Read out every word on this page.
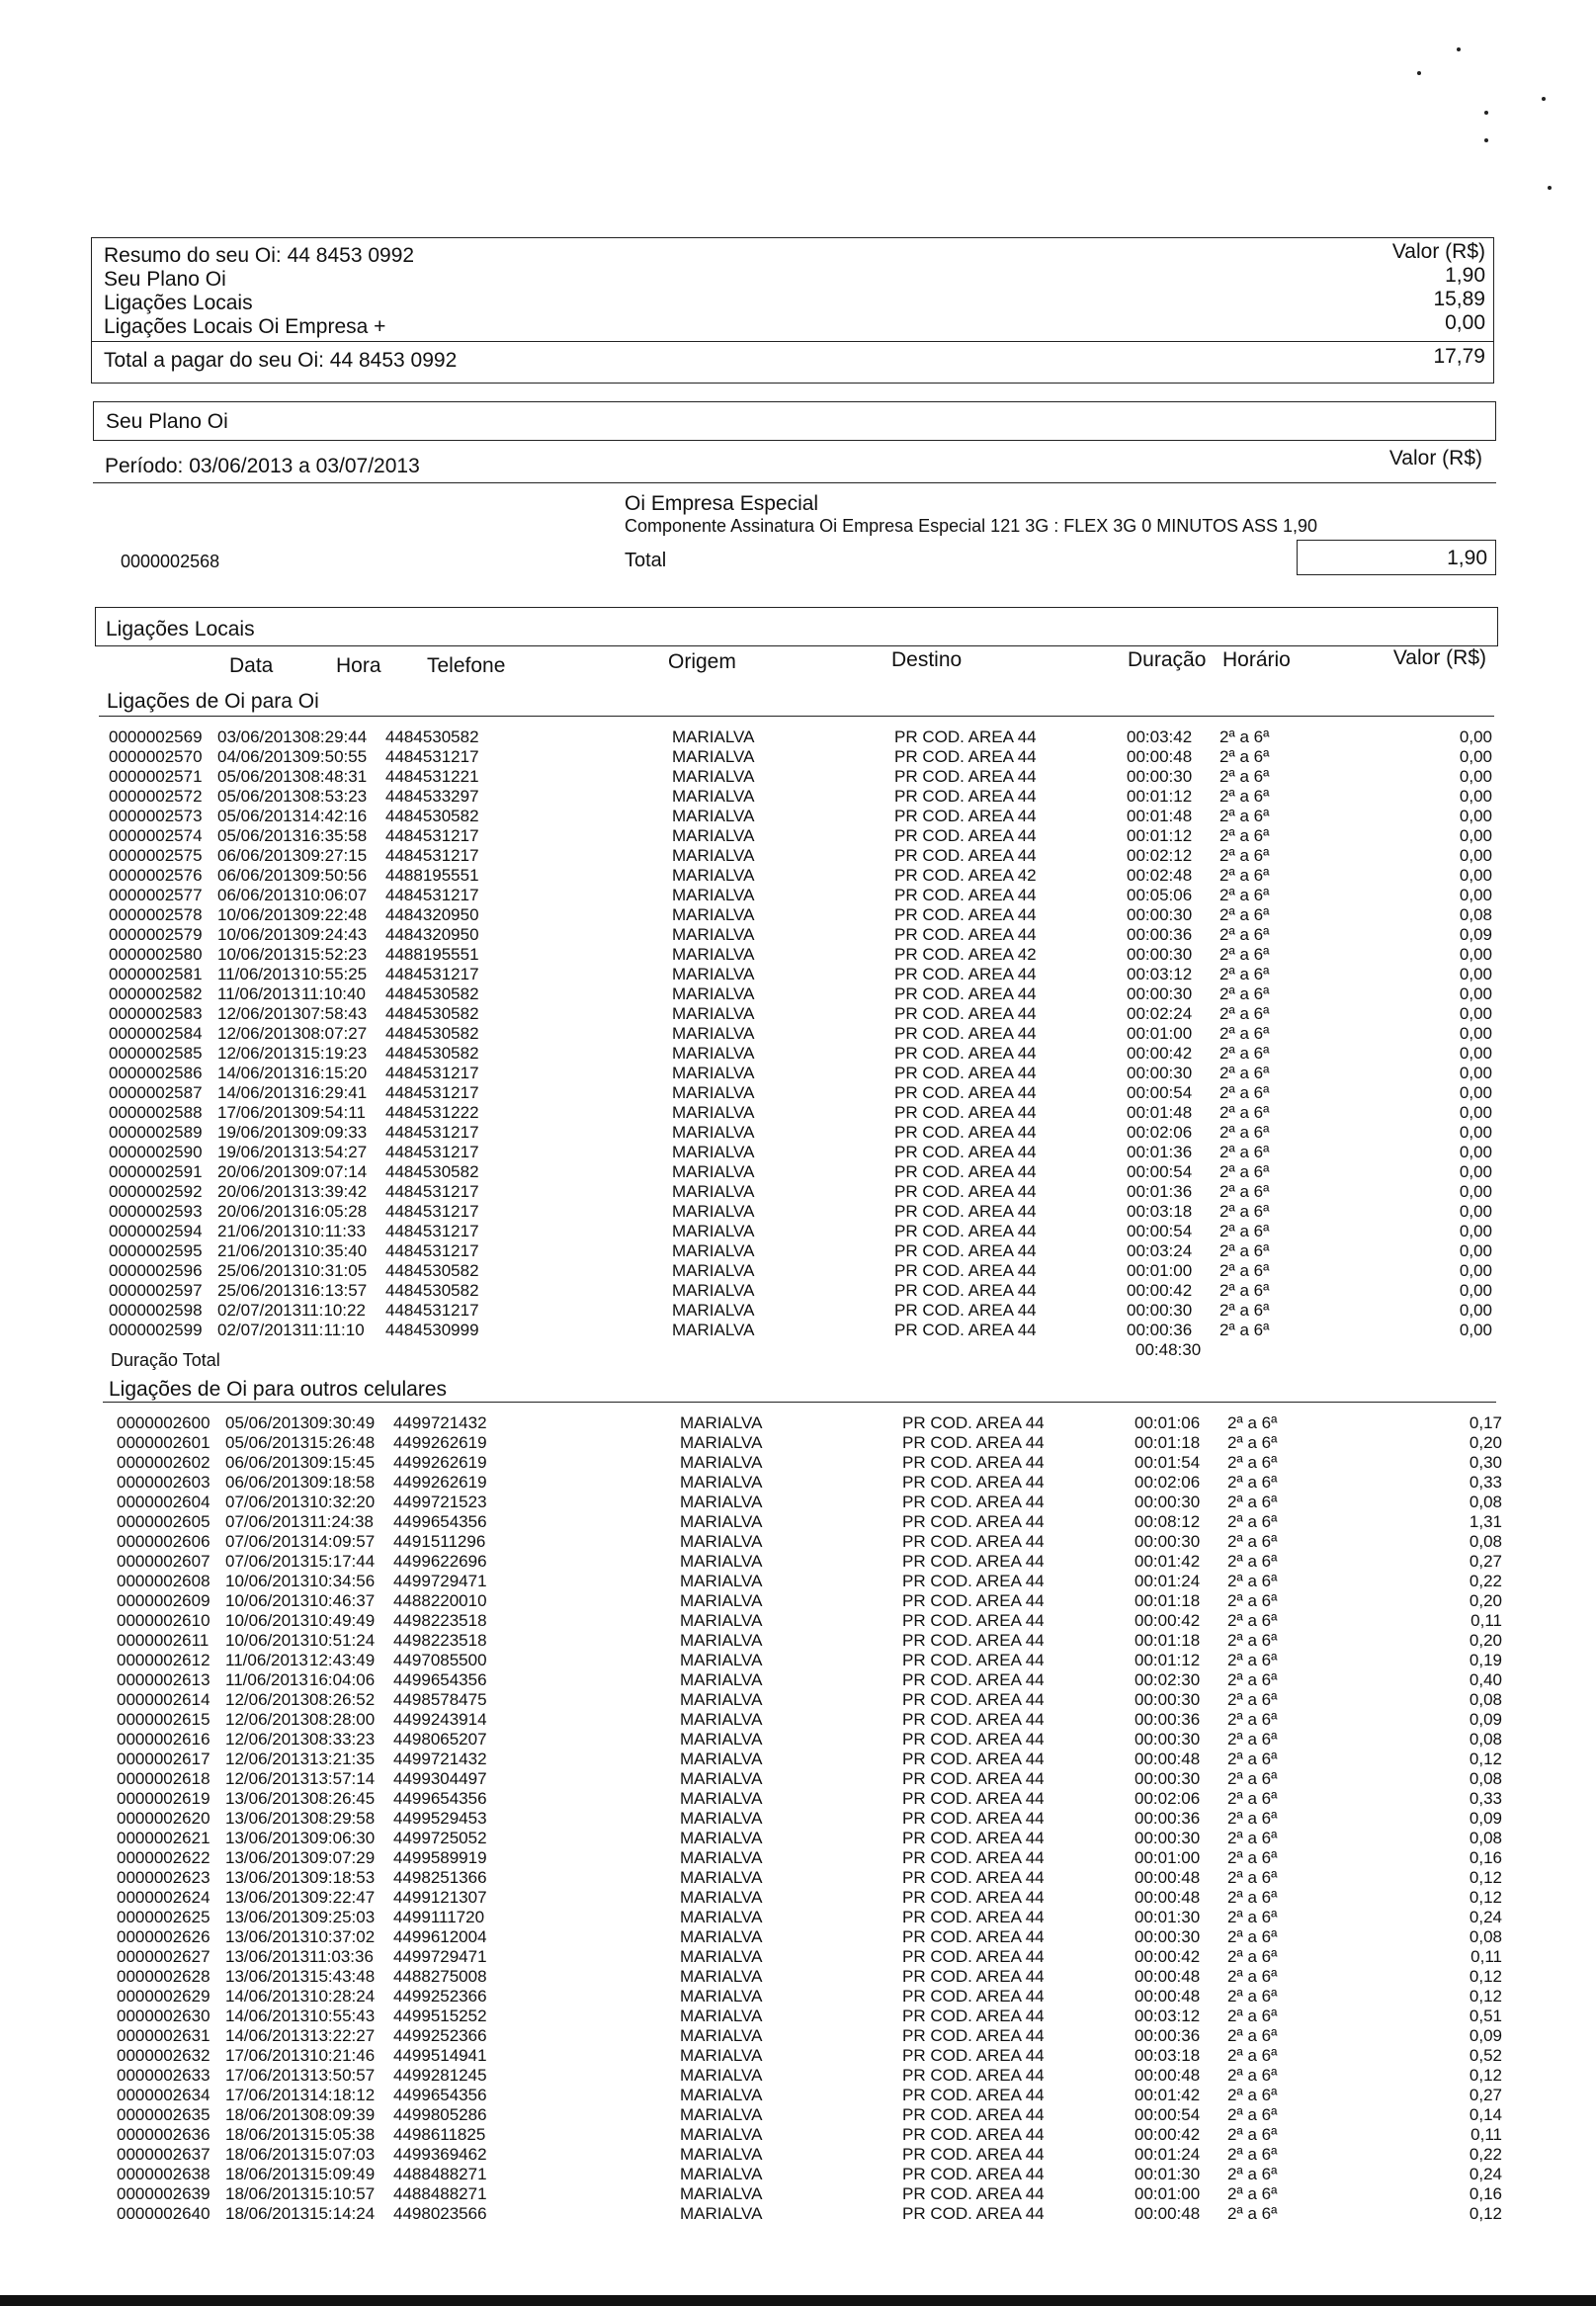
Resumo do seu Oi: 44 8453 0992	Valor (R$)
Seu Plano Oi	1,90
Ligações Locais	15,89
Ligações Locais Oi Empresa +	0,00
Total a pagar do seu Oi: 44 8453 0992	17,79
Seu Plano Oi
Período: 03/06/2013 a 03/07/2013	Valor (R$)
Oi Empresa Especial
Componente Assinatura Oi Empresa Especial 121 3G : FLEX 3G 0 MINUTOS ASS 1,90
0000002568	Total	1,90
Ligações Locais
Data	Hora Telefone	Origem	Destino	Duração Horário	Valor (R$)
Ligações de Oi para Oi
0000002569 03/06/2013 08:29:44 4484530582	MARIALVA	PR COD. AREA 44	00:03:42 2ª a 6ª	0,00
0000002570 04/06/2013 09:50:55 4484531217	MARIALVA	PR COD. AREA 44	00:00:48 2ª a 6ª	0,00
0000002571 05/06/2013 08:48:31 4484531221	MARIALVA	PR COD. AREA 44	00:00:30 2ª a 6ª	0,00
0000002572 05/06/2013 08:53:23 4484533297	MARIALVA	PR COD. AREA 44	00:01:12 2ª a 6ª	0,00
0000002573 05/06/2013 14:42:16 4484530582	MARIALVA	PR COD. AREA 44	00:01:48 2ª a 6ª	0,00
0000002574 05/06/2013 16:35:58 4484531217	MARIALVA	PR COD. AREA 44	00:01:12 2ª a 6ª	0,00
0000002575 06/06/2013 09:27:15 4484531217	MARIALVA	PR COD. AREA 44	00:02:12 2ª a 6ª	0,00
0000002576 06/06/2013 09:50:56 4488195551	MARIALVA	PR COD. AREA 42	00:02:48 2ª a 6ª	0,00
0000002577 06/06/2013 10:06:07 4484531217	MARIALVA	PR COD. AREA 44	00:05:06 2ª a 6ª	0,00
0000002578 10/06/2013 09:22:48 4484320950	MARIALVA	PR COD. AREA 44	00:00:30 2ª a 6ª	0,08
0000002579 10/06/2013 09:24:43 4484320950	MARIALVA	PR COD. AREA 44	00:00:36 2ª a 6ª	0,09
0000002580 10/06/2013 15:52:23 4488195551	MARIALVA	PR COD. AREA 42	00:00:30 2ª a 6ª	0,00
0000002581 11/06/2013 10:55:25 4484531217	MARIALVA	PR COD. AREA 44	00:03:12 2ª a 6ª	0,00
0000002582 11/06/2013 11:10:40 4484530582	MARIALVA	PR COD. AREA 44	00:00:30 2ª a 6ª	0,00
0000002583 12/06/2013 07:58:43 4484530582	MARIALVA	PR COD. AREA 44	00:02:24 2ª a 6ª	0,00
0000002584 12/06/2013 08:07:27 4484530582	MARIALVA	PR COD. AREA 44	00:01:00 2ª a 6ª	0,00
0000002585 12/06/2013 15:19:23 4484530582	MARIALVA	PR COD. AREA 44	00:00:42 2ª a 6ª	0,00
0000002586 14/06/2013 16:15:20 4484531217	MARIALVA	PR COD. AREA 44	00:00:30 2ª a 6ª	0,00
0000002587 14/06/2013 16:29:41 4484531217	MARIALVA	PR COD. AREA 44	00:00:54 2ª a 6ª	0,00
0000002588 17/06/2013 09:54:11 4484531222	MARIALVA	PR COD. AREA 44	00:01:48 2ª a 6ª	0,00
0000002589 19/06/2013 09:09:33 4484531217	MARIALVA	PR COD. AREA 44	00:02:06 2ª a 6ª	0,00
0000002590 19/06/2013 13:54:27 4484531217	MARIALVA	PR COD. AREA 44	00:01:36 2ª a 6ª	0,00
0000002591 20/06/2013 09:07:14 4484530582	MARIALVA	PR COD. AREA 44	00:00:54 2ª a 6ª	0,00
0000002592 20/06/2013 13:39:42 4484531217	MARIALVA	PR COD. AREA 44	00:01:36 2ª a 6ª	0,00
0000002593 20/06/2013 16:05:28 4484531217	MARIALVA	PR COD. AREA 44	00:03:18 2ª a 6ª	0,00
0000002594 21/06/2013 10:11:33 4484531217	MARIALVA	PR COD. AREA 44	00:00:54 2ª a 6ª	0,00
0000002595 21/06/2013 10:35:40 4484531217	MARIALVA	PR COD. AREA 44	00:03:24 2ª a 6ª	0,00
0000002596 25/06/2013 10:31:05 4484530582	MARIALVA	PR COD. AREA 44	00:01:00 2ª a 6ª	0,00
0000002597 25/06/2013 16:13:57 4484530582	MARIALVA	PR COD. AREA 44	00:00:42 2ª a 6ª	0,00
0000002598 02/07/2013 11:10:22 4484531217	MARIALVA	PR COD. AREA 44	00:00:30 2ª a 6ª	0,00
0000002599 02/07/2013 11:11:10 4484530999	MARIALVA	PR COD. AREA 44	00:00:36 2ª a 6ª	0,00
Duração Total
00:48:30
Ligações de Oi para outros celulares
0000002600 05/06/2013 09:30:49 4499721432	MARIALVA	PR COD. AREA 44	00:01:06 2ª a 6ª	0,17
0000002601 05/06/2013 15:26:48 4499262619	MARIALVA	PR COD. AREA 44	00:01:18 2ª a 6ª	0,20
0000002602 06/06/2013 09:15:45 4499262619	MARIALVA	PR COD. AREA 44	00:01:54 2ª a 6ª	0,30
0000002603 06/06/2013 09:18:58 4499262619	MARIALVA	PR COD. AREA 44	00:02:06 2ª a 6ª	0,33
0000002604 07/06/2013 10:32:20 4499721523	MARIALVA	PR COD. AREA 44	00:00:30 2ª a 6ª	0,08
0000002605 07/06/2013 11:24:38 4499654356	MARIALVA	PR COD. AREA 44	00:08:12 2ª a 6ª	1,31
0000002606 07/06/2013 14:09:57 4491511296	MARIALVA	PR COD. AREA 44	00:00:30 2ª a 6ª	0,08
0000002607 07/06/2013 15:17:44 4499622696	MARIALVA	PR COD. AREA 44	00:01:42 2ª a 6ª	0,27
0000002608 10/06/2013 10:34:56 4499729471	MARIALVA	PR COD. AREA 44	00:01:24 2ª a 6ª	0,22
0000002609 10/06/2013 10:46:37 4488220010	MARIALVA	PR COD. AREA 44	00:01:18 2ª a 6ª	0,20
0000002610 10/06/2013 10:49:49 4498223518	MARIALVA	PR COD. AREA 44	00:00:42 2ª a 6ª	0,11
0000002611 10/06/2013 10:51:24 4498223518	MARIALVA	PR COD. AREA 44	00:01:18 2ª a 6ª	0,20
0000002612 11/06/2013 12:43:49 4497085500	MARIALVA	PR COD. AREA 44	00:01:12 2ª a 6ª	0,19
0000002613 11/06/2013 16:04:06 4499654356	MARIALVA	PR COD. AREA 44	00:02:30 2ª a 6ª	0,40
0000002614 12/06/2013 08:26:52 4498578475	MARIALVA	PR COD. AREA 44	00:00:30 2ª a 6ª	0,08
0000002615 12/06/2013 08:28:00 4499243914	MARIALVA	PR COD. AREA 44	00:00:36 2ª a 6ª	0,09
0000002616 12/06/2013 08:33:23 4498065207	MARIALVA	PR COD. AREA 44	00:00:30 2ª a 6ª	0,08
0000002617 12/06/2013 13:21:35 4499721432	MARIALVA	PR COD. AREA 44	00:00:48 2ª a 6ª	0,12
0000002618 12/06/2013 13:57:14 4499304497	MARIALVA	PR COD. AREA 44	00:00:30 2ª a 6ª	0,08
0000002619 13/06/2013 08:26:45 4499654356	MARIALVA	PR COD. AREA 44	00:02:06 2ª a 6ª	0,33
0000002620 13/06/2013 08:29:58 4499529453	MARIALVA	PR COD. AREA 44	00:00:36 2ª a 6ª	0,09
0000002621 13/06/2013 09:06:30 4499725052	MARIALVA	PR COD. AREA 44	00:00:30 2ª a 6ª	0,08
0000002622 13/06/2013 09:07:29 4499589919	MARIALVA	PR COD. AREA 44	00:01:00 2ª a 6ª	0,16
0000002623 13/06/2013 09:18:53 4498251366	MARIALVA	PR COD. AREA 44	00:00:48 2ª a 6ª	0,12
0000002624 13/06/2013 09:22:47 4499121307	MARIALVA	PR COD. AREA 44	00:00:48 2ª a 6ª	0,12
0000002625 13/06/2013 09:25:03 4499111720	MARIALVA	PR COD. AREA 44	00:01:30 2ª a 6ª	0,24
0000002626 13/06/2013 10:37:02 4499612004	MARIALVA	PR COD. AREA 44	00:00:30 2ª a 6ª	0,08
0000002627 13/06/2013 11:03:36 4499729471	MARIALVA	PR COD. AREA 44	00:00:42 2ª a 6ª	0,11
0000002628 13/06/2013 15:43:48 4488275008	MARIALVA	PR COD. AREA 44	00:00:48 2ª a 6ª	0,12
0000002629 14/06/2013 10:28:24 4499252366	MARIALVA	PR COD. AREA 44	00:00:48 2ª a 6ª	0,12
0000002630 14/06/2013 10:55:43 4499515252	MARIALVA	PR COD. AREA 44	00:03:12 2ª a 6ª	0,51
0000002631 14/06/2013 13:22:27 4499252366	MARIALVA	PR COD. AREA 44	00:00:36 2ª a 6ª	0,09
0000002632 17/06/2013 10:21:46 4499514941	MARIALVA	PR COD. AREA 44	00:03:18 2ª a 6ª	0,52
0000002633 17/06/2013 13:50:57 4499281245	MARIALVA	PR COD. AREA 44	00:00:48 2ª a 6ª	0,12
0000002634 17/06/2013 14:18:12 4499654356	MARIALVA	PR COD. AREA 44	00:01:42 2ª a 6ª	0,27
0000002635 18/06/2013 08:09:39 4499805286	MARIALVA	PR COD. AREA 44	00:00:54 2ª a 6ª	0,14
0000002636 18/06/2013 15:05:38 4498611825	MARIALVA	PR COD. AREA 44	00:00:42 2ª a 6ª	0,11
0000002637 18/06/2013 15:07:03 4499369462	MARIALVA	PR COD. AREA 44	00:01:24 2ª a 6ª	0,22
0000002638 18/06/2013 15:09:49 4488488271	MARIALVA	PR COD. AREA 44	00:01:30 2ª a 6ª	0,24
0000002639 18/06/2013 15:10:57 4488488271	MARIALVA	PR COD. AREA 44	00:01:00 2ª a 6ª	0,16
0000002640 18/06/2013 15:14:24 4498023566	MARIALVA	PR COD. AREA 44	00:00:48 2ª a 6ª	0,12
